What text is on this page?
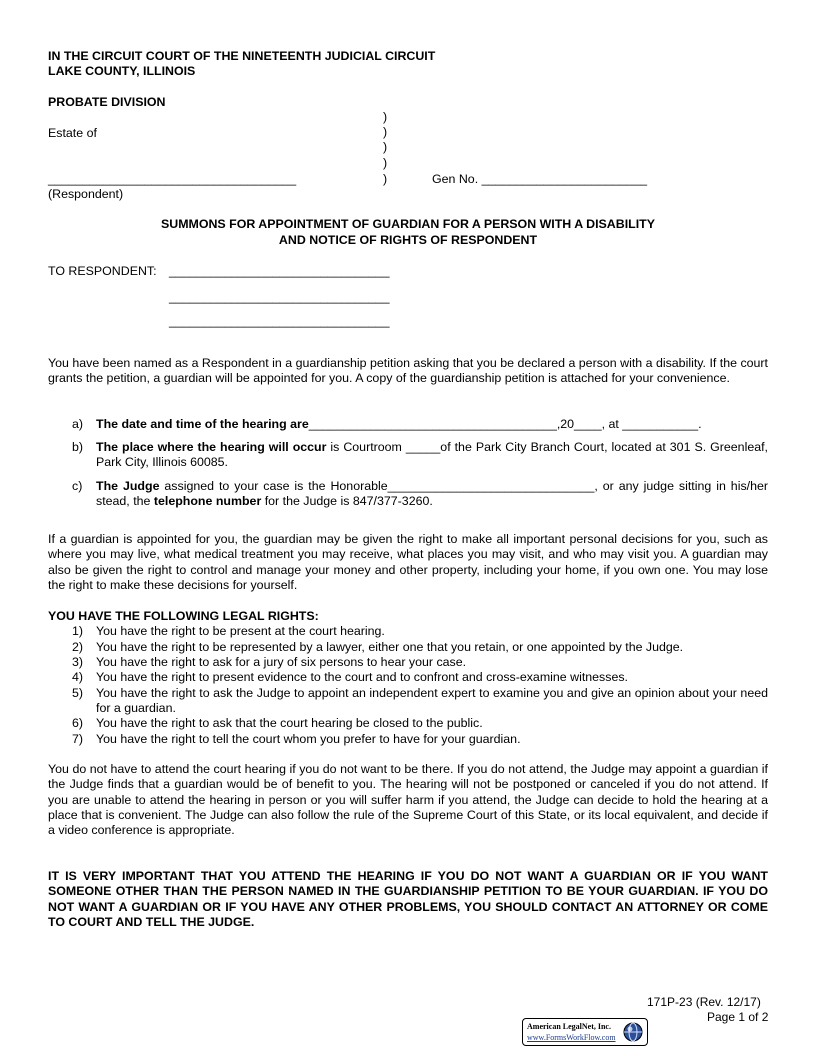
IN THE CIRCUIT COURT OF THE NINETEENTH JUDICIAL CIRCUIT
LAKE COUNTY, ILLINOIS
PROBATE DIVISION
)
)
)
)
)
Estate of
____________________________________
(Respondent)
Gen No. ________________________
SUMMONS FOR APPOINTMENT OF GUARDIAN FOR A PERSON WITH A DISABILITY
AND NOTICE OF RIGHTS OF RESPONDENT
TO RESPONDENT: ________________________________
________________________________
________________________________
You have been named as a Respondent in a guardianship petition asking that you be declared a person with a disability. If the court grants the petition, a guardian will be appointed for you. A copy of the guardianship petition is attached for your convenience.
a) The date and time of the hearing are____________________________________,20____, at ___________.
b) The place where the hearing will occur is Courtroom _____of the Park City Branch Court, located at 301 S. Greenleaf, Park City, Illinois 60085.
c) The Judge assigned to your case is the Honorable______________________________, or any judge sitting in his/her stead, the telephone number for the Judge is 847/377-3260.
If a guardian is appointed for you, the guardian may be given the right to make all important personal decisions for you, such as where you may live, what medical treatment you may receive, what places you may visit, and who may visit you. A guardian may also be given the right to control and manage your money and other property, including your home, if you own one. You may lose the right to make these decisions for yourself.
YOU HAVE THE FOLLOWING LEGAL RIGHTS:
1) You have the right to be present at the court hearing.
2) You have the right to be represented by a lawyer, either one that you retain, or one appointed by the Judge.
3) You have the right to ask for a jury of six persons to hear your case.
4) You have the right to present evidence to the court and to confront and cross-examine witnesses.
5) You have the right to ask the Judge to appoint an independent expert to examine you and give an opinion about your need for a guardian.
6) You have the right to ask that the court hearing be closed to the public.
7) You have the right to tell the court whom you prefer to have for your guardian.
You do not have to attend the court hearing if you do not want to be there. If you do not attend, the Judge may appoint a guardian if the Judge finds that a guardian would be of benefit to you. The hearing will not be postponed or canceled if you do not attend. If you are unable to attend the hearing in person or you will suffer harm if you attend, the Judge can decide to hold the hearing at a place that is convenient. The Judge can also follow the rule of the Supreme Court of this State, or its local equivalent, and decide if a video conference is appropriate.
IT IS VERY IMPORTANT THAT YOU ATTEND THE HEARING IF YOU DO NOT WANT A GUARDIAN OR IF YOU WANT SOMEONE OTHER THAN THE PERSON NAMED IN THE GUARDIANSHIP PETITION TO BE YOUR GUARDIAN. IF YOU DO NOT WANT A GUARDIAN OR IF YOU HAVE ANY OTHER PROBLEMS, YOU SHOULD CONTACT AN ATTORNEY OR COME TO COURT AND TELL THE JUDGE.
171P-23 (Rev. 12/17)
Page 1 of 2
American LegalNet, Inc.
www.FormsWorkFlow.com
